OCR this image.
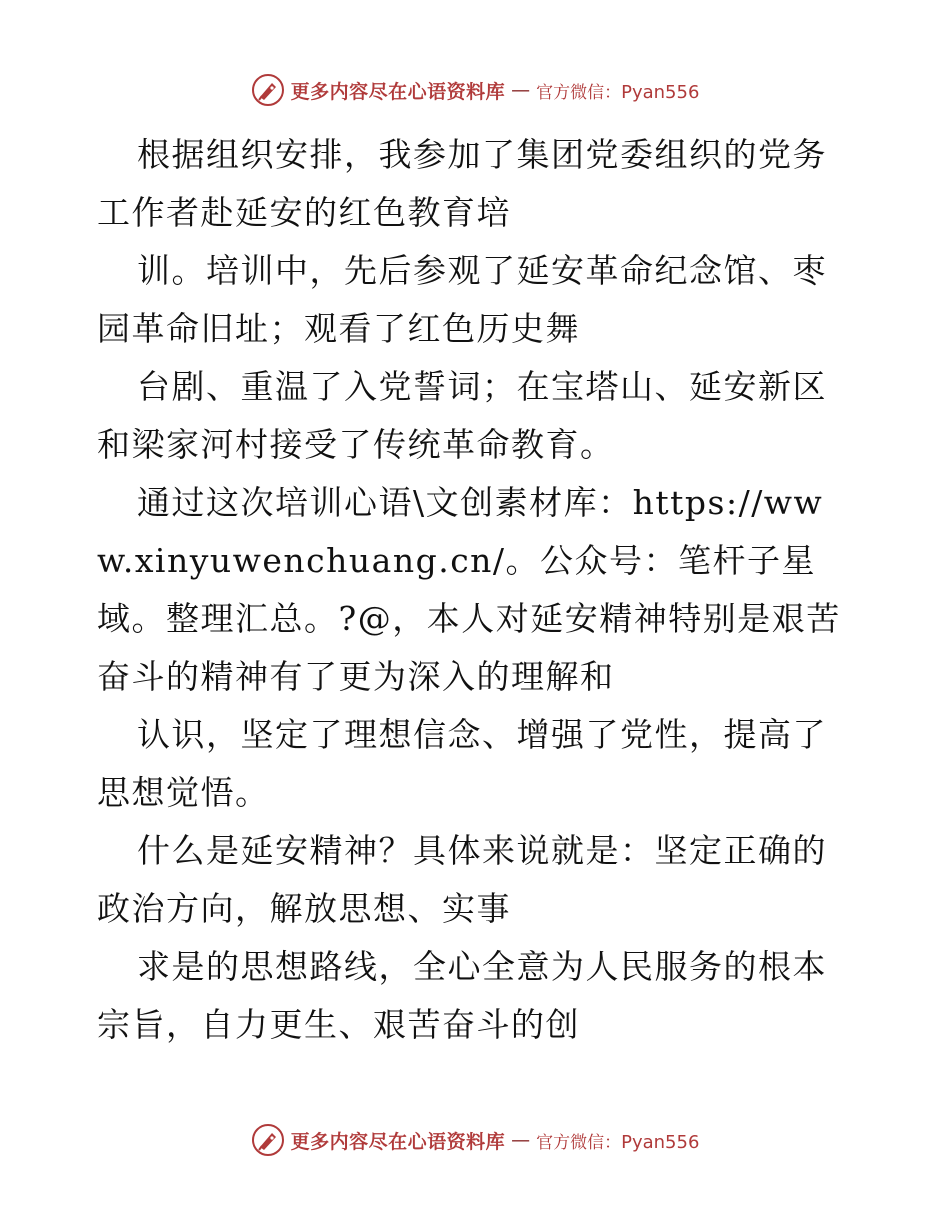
更多内容尽在心语资料库 — 官方微信：Pyan556

根据组织安排，我参加了集团党委组织的党务工作者赴延安的红色教育培

训。培训中，先后参观了延安革命纪念馆、枣园革命旧址；观看了红色历史舞

台剧、重温了入党誓词；在宝塔山、延安新区和梁家河村接受了传统革命教育。

通过这次培训心语\文创素材库：https://www.xinyuwenchuang.cn/。公众号：笔杆子星域。整理汇总。?@，本人对延安精神特别是艰苦奋斗的精神有了更为深入的理解和

认识，坚定了理想信念、增强了党性，提高了思想觉悟。

什么是延安精神？具体来说就是：坚定正确的政治方向，解放思想、实事

求是的思想路线，全心全意为人民服务的根本宗旨，自力更生、艰苦奋斗的创

更多内容尽在心语资料库 — 官方微信：Pyan556
